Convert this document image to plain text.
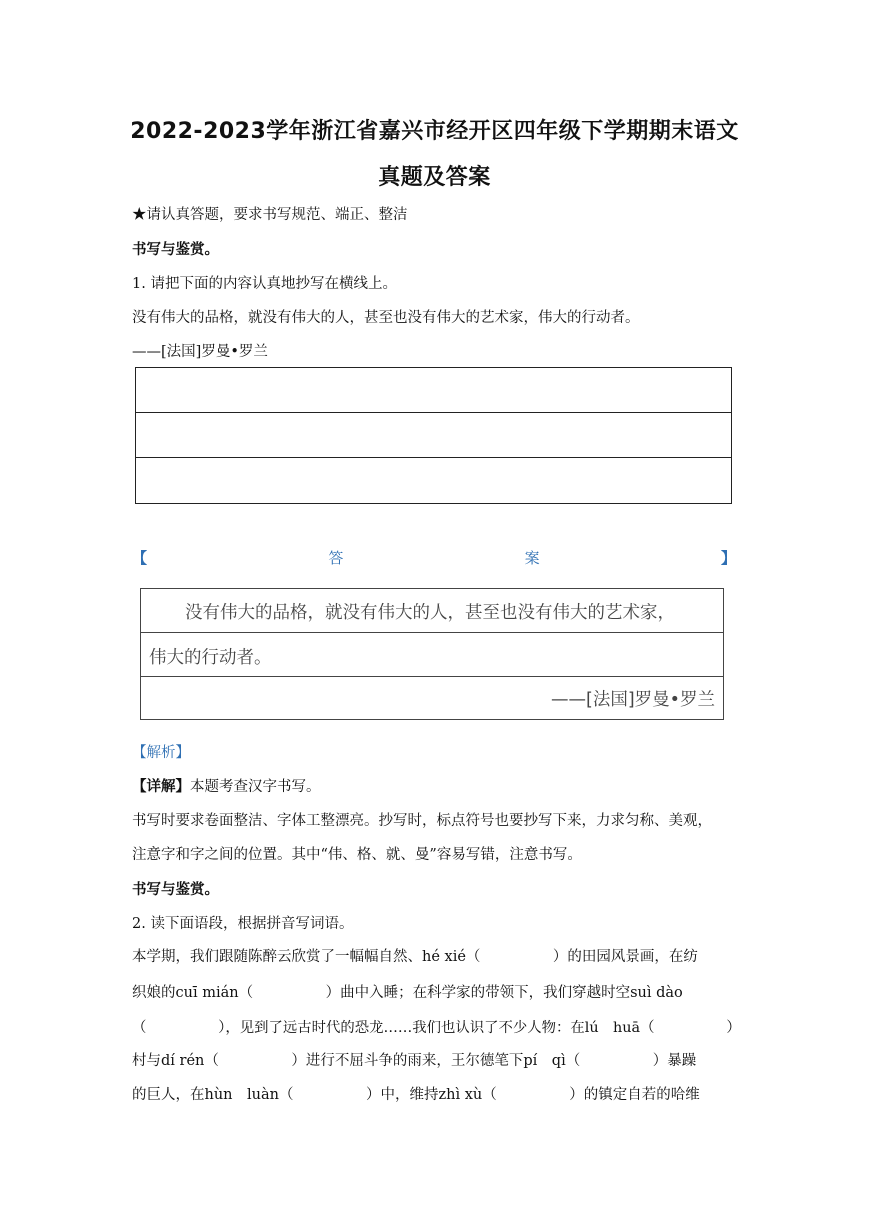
2022-2023学年浙江省嘉兴市经开区四年级下学期期末语文
真题及答案
★请认真答题，要求书写规范、端正、整洁
书写与鉴赏。
1. 请把下面的内容认真地抄写在横线上。
没有伟大的品格，就没有伟大的人，甚至也没有伟大的艺术家，伟大的行动者。
——[法国]罗曼•罗兰
【	答	案	】
没有伟大的品格，就没有伟大的人，甚至也没有伟大的艺术家，
伟大的行动者。
——[法国]罗曼•罗兰
【解析】
【详解】本题考查汉字书写。
书写时要求卷面整洁、字体工整漂亮。抄写时，标点符号也要抄写下来，力求匀称、美观，
注意字和字之间的位置。其中“伟、格、就、曼”容易写错，注意书写。
书写与鉴赏。
2. 读下面语段，根据拼音写词语。
本学期，我们跟随陈醉云欣赏了一幅幅自然、hé xié（　　　　　）的田园风景画，在纺
织娘的cuī mián（　　　　　）曲中入睡；在科学家的带领下，我们穿越时空suì dào
（　　　　　），见到了远古时代的恐龙……我们也认识了不少人物：在lú　huā（　　　　　）
村与dí rén（　　　　　）进行不屈斗争的雨来，王尔德笔下pí　qì（　　　　　）暴躁
的巨人，在hùn　luàn（　　　　　）中，维持zhì xù（　　　　　）的镇定自若的哈维
